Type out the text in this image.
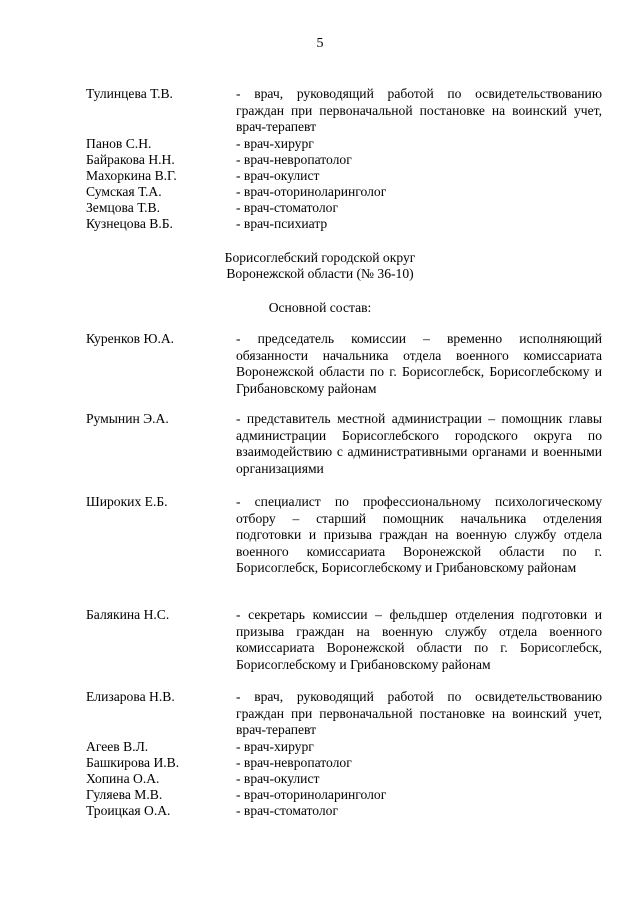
5
Тулинцева Т.В.	- врач, руководящий работой по освидетельствованию граждан при первоначальной постановке на воинский учет, врач-терапевт
Панов С.Н.	- врач-хирург
Байракова Н.Н.	- врач-невропатолог
Махоркина В.Г.	- врач-окулист
Сумская Т.А.	- врач-оториноларинголог
Земцова Т.В.	- врач-стоматолог
Кузнецова В.Б.	- врач-психиатр
Борисоглебский городской округ
Воронежской области (№ 36-10)
Основной состав:
Куренков Ю.А.	- председатель комиссии – временно исполняющий обязанности начальника отдела военного комиссариата Воронежской области по г. Борисоглебск, Борисоглебскому и Грибановскому районам
Румынин Э.А.	- представитель местной администрации – помощник главы администрации Борисоглебского городского округа по взаимодействию с административными органами и военными организациями
Широких Е.Б.	- специалист по профессиональному психологическому отбору – старший помощник начальника отделения подготовки и призыва граждан на военную службу отдела военного комиссариата Воронежской области по г. Борисоглебск, Борисоглебскому и Грибановскому районам
Балякина Н.С.	- секретарь комиссии – фельдшер отделения подготовки и призыва граждан на военную службу отдела военного комиссариата Воронежской области по г. Борисоглебск, Борисоглебскому и Грибановскому районам
Елизарова Н.В.	- врач, руководящий работой по освидетельствованию граждан при первоначальной постановке на воинский учет, врач-терапевт
Агеев В.Л.	- врач-хирург
Башкирова И.В.	- врач-невропатолог
Хопина О.А.	- врач-окулист
Гуляева М.В.	- врач-оториноларинголог
Троицкая О.А.	- врач-стоматолог
